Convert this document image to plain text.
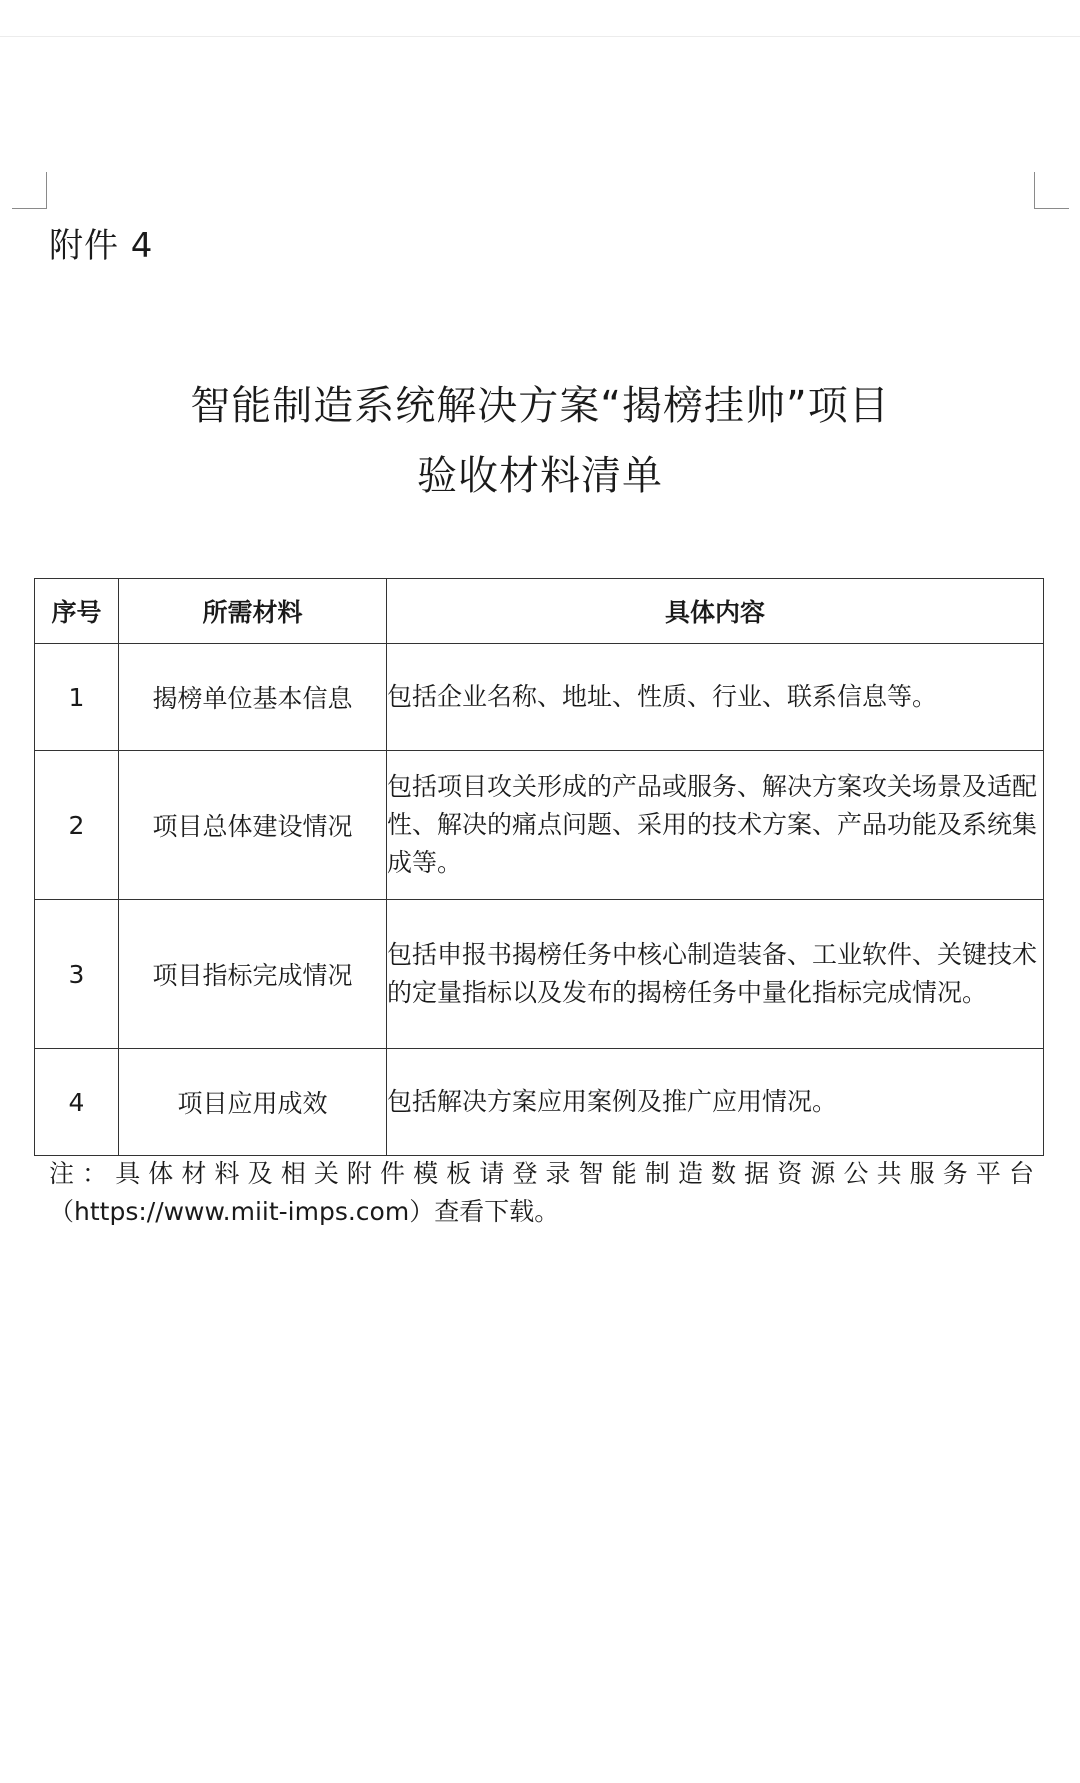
附件 4
智能制造系统解决方案“揭榜挂帅”项目
验收材料清单
序号	所需材料	具体内容
1	揭榜单位基本信息	包括企业名称、地址、性质、行业、联系信息等。
2	项目总体建设情况	包括项目攻关形成的产品或服务、解决方案攻关场景及适配性、解决的痛点问题、采用的技术方案、产品功能及系统集成等。
3	项目指标完成情况	包括申报书揭榜任务中核心制造装备、工业软件、关键技术的定量指标以及发布的揭榜任务中量化指标完成情况。
4	项目应用成效	包括解决方案应用案例及推广应用情况。
注：具体材料及相关附件模板请登录智能制造数据资源公共服务平台
（https://www.miit-imps.com）查看下载。
